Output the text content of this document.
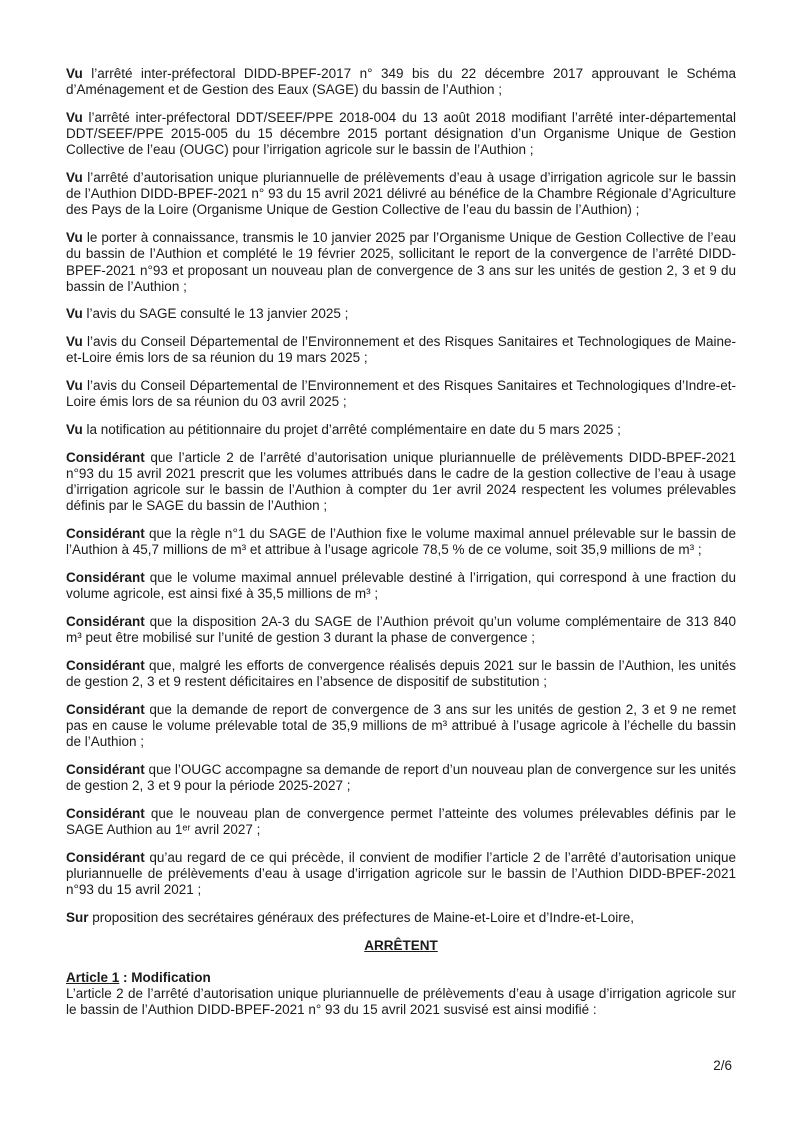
Vu l’arrêté inter-préfectoral DIDD-BPEF-2017 n° 349 bis du 22 décembre 2017 approuvant le Schéma d’Aménagement et de Gestion des Eaux (SAGE) du bassin de l’Authion ;

Vu l’arrêté inter-préfectoral DDT/SEEF/PPE 2018-004 du 13 août 2018 modifiant l’arrêté inter-départemental DDT/SEEF/PPE 2015-005 du 15 décembre 2015 portant désignation d’un Organisme Unique de Gestion Collective de l’eau (OUGC) pour l’irrigation agricole sur le bassin de l’Authion ;

Vu l’arrêté d’autorisation unique pluriannuelle de prélèvements d’eau à usage d’irrigation agricole sur le bassin de l’Authion DIDD-BPEF-2021 n° 93 du 15 avril 2021 délivré au bénéfice de la Chambre Régionale d’Agriculture des Pays de la Loire (Organisme Unique de Gestion Collective de l’eau du bassin de l’Authion) ;

Vu le porter à connaissance, transmis le 10 janvier 2025 par l’Organisme Unique de Gestion Collective de l’eau du bassin de l’Authion et complété le 19 février 2025, sollicitant le report de la convergence de l’arrêté DIDD-BPEF-2021 n°93 et proposant un nouveau plan de convergence de 3 ans sur les unités de gestion 2, 3 et 9 du bassin de l’Authion ;

Vu l’avis du SAGE consulté le 13 janvier 2025 ;

Vu l’avis du Conseil Départemental de l’Environnement et des Risques Sanitaires et Technologiques de Maine-et-Loire émis lors de sa réunion du 19 mars 2025 ;

Vu l’avis du Conseil Départemental de l’Environnement et des Risques Sanitaires et Technologiques d’Indre-et-Loire émis lors de sa réunion du 03 avril 2025 ;

Vu la notification au pétitionnaire du projet d’arrêté complémentaire en date du 5 mars 2025 ;

Considérant que l’article 2 de l’arrêté d’autorisation unique pluriannuelle de prélèvements DIDD-BPEF-2021 n°93 du 15 avril 2021 prescrit que les volumes attribués dans le cadre de la gestion collective de l’eau à usage d’irrigation agricole sur le bassin de l’Authion à compter du 1er avril 2024 respectent les volumes prélevables définis par le SAGE du bassin de l’Authion ;

Considérant que la règle n°1 du SAGE de l’Authion fixe le volume maximal annuel prélevable sur le bassin de l’Authion à 45,7 millions de m³ et attribue à l’usage agricole 78,5 % de ce volume, soit 35,9 millions de m³ ;

Considérant que le volume maximal annuel prélevable destiné à l’irrigation, qui correspond à une fraction du volume agricole, est ainsi fixé à 35,5 millions de m³ ;

Considérant que la disposition 2A-3 du SAGE de l’Authion prévoit qu’un volume complémentaire de 313 840 m³ peut être mobilisé sur l’unité de gestion 3 durant la phase de convergence ;

Considérant que, malgré les efforts de convergence réalisés depuis 2021 sur le bassin de l’Authion, les unités de gestion 2, 3 et 9 restent déficitaires en l’absence de dispositif de substitution ;

Considérant que la demande de report de convergence de 3 ans sur les unités de gestion 2, 3 et 9 ne remet pas en cause le volume prélevable total de 35,9 millions de m³ attribué à l’usage agricole à l’échelle du bassin de l’Authion ;

Considérant que l’OUGC accompagne sa demande de report d’un nouveau plan de convergence sur les unités de gestion 2, 3 et 9 pour la période 2025-2027 ;

Considérant que le nouveau plan de convergence permet l’atteinte des volumes prélevables définis par le SAGE Authion au 1ᵉʳ avril 2027 ;

Considérant qu’au regard de ce qui précède, il convient de modifier l’article 2 de l’arrêté d’autorisation unique pluriannuelle de prélèvements d’eau à usage d’irrigation agricole sur le bassin de l’Authion DIDD-BPEF-2021 n°93 du 15 avril 2021 ;

Sur proposition des secrétaires généraux des préfectures de Maine-et-Loire et d’Indre-et-Loire,

ARRÊTENT
Article 1 : Modification
L’article 2 de l’arrêté d’autorisation unique pluriannuelle de prélèvements d’eau à usage d’irrigation agricole sur le bassin de l’Authion DIDD-BPEF-2021 n° 93 du 15 avril 2021 susvisé est ainsi modifié :
2/6
